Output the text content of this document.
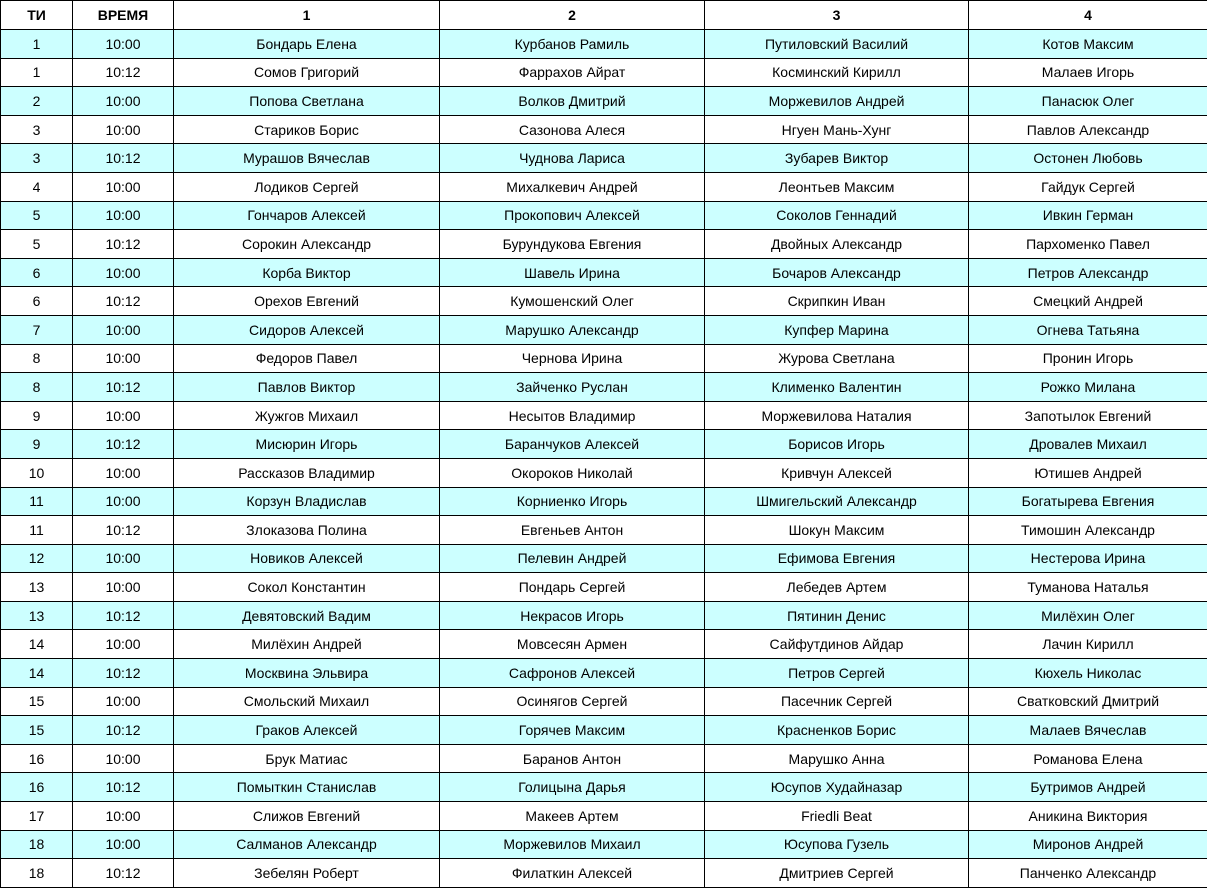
ТИ	ВРЕМЯ	1	2	3	4
1	10:00	Бондарь Елена	Курбанов Рамиль	Путиловский Василий	Котов Максим
1	10:12	Сомов Григорий	Фаррахов Айрат	Косминский Кирилл	Малаев Игорь
2	10:00	Попова Светлана	Волков Дмитрий	Моржевилов Андрей	Панасюк Олег
3	10:00	Стариков Борис	Сазонова Алеся	Нгуен Мань-Хунг	Павлов Александр
3	10:12	Мурашов Вячеслав	Чуднова Лариса	Зубарев Виктор	Остонен Любовь
4	10:00	Лодиков Сергей	Михалкевич Андрей	Леонтьев Максим	Гайдук Сергей
5	10:00	Гончаров Алексей	Прокопович Алексей	Соколов Геннадий	Ивкин Герман
5	10:12	Сорокин Александр	Бурундукова Евгения	Двойных Александр	Пархоменко Павел
6	10:00	Корба Виктор	Шавель Ирина	Бочаров Александр	Петров Александр
6	10:12	Орехов Евгений	Кумошенский Олег	Скрипкин Иван	Смецкий Андрей
7	10:00	Сидоров Алексей	Марушко Александр	Купфер Марина	Огнева Татьяна
8	10:00	Федоров Павел	Чернова Ирина	Журова Светлана	Пронин Игорь
8	10:12	Павлов Виктор	Зайченко Руслан	Клименко Валентин	Рожко Милана
9	10:00	Жужгов Михаил	Несытов Владимир	Моржевилова Наталия	Запотылок Евгений
9	10:12	Мисюрин Игорь	Баранчуков Алексей	Борисов Игорь	Дровалев Михаил
10	10:00	Рассказов Владимир	Окороков Николай	Кривчун Алексей	Ютишев Андрей
11	10:00	Корзун Владислав	Корниенко Игорь	Шмигельский Александр	Богатырева Евгения
11	10:12	Злоказова Полина	Евгеньев Антон	Шокун Максим	Тимошин Александр
12	10:00	Новиков Алексей	Пелевин Андрей	Ефимова Евгения	Нестерова Ирина
13	10:00	Сокол Константин	Пондарь Сергей	Лебедев Артем	Туманова Наталья
13	10:12	Девятовский Вадим	Некрасов Игорь	Пятинин Денис	Милёхин Олег
14	10:00	Милёхин Андрей	Мовсесян Армен	Сайфутдинов Айдар	Лачин Кирилл
14	10:12	Москвина Эльвира	Сафронов Алексей	Петров Сергей	Кюхель Николас
15	10:00	Смольский Михаил	Осинягов Сергей	Пасечник Сергей	Сватковский Дмитрий
15	10:12	Граков Алексей	Горячев Максим	Красненков Борис	Малаев Вячеслав
16	10:00	Брук Матиас	Баранов Антон	Марушко Анна	Романова Елена
16	10:12	Помыткин Станислав	Голицына Дарья	Юсупов Худайназар	Бутримов Андрей
17	10:00	Слижов Евгений	Макеев Артем	Friedli Beat	Аникина Виктория
18	10:00	Салманов Александр	Моржевилов Михаил	Юсупова Гузель	Миронов Андрей
18	10:12	Зебелян Роберт	Филаткин Алексей	Дмитриев Сергей	Панченко Александр
